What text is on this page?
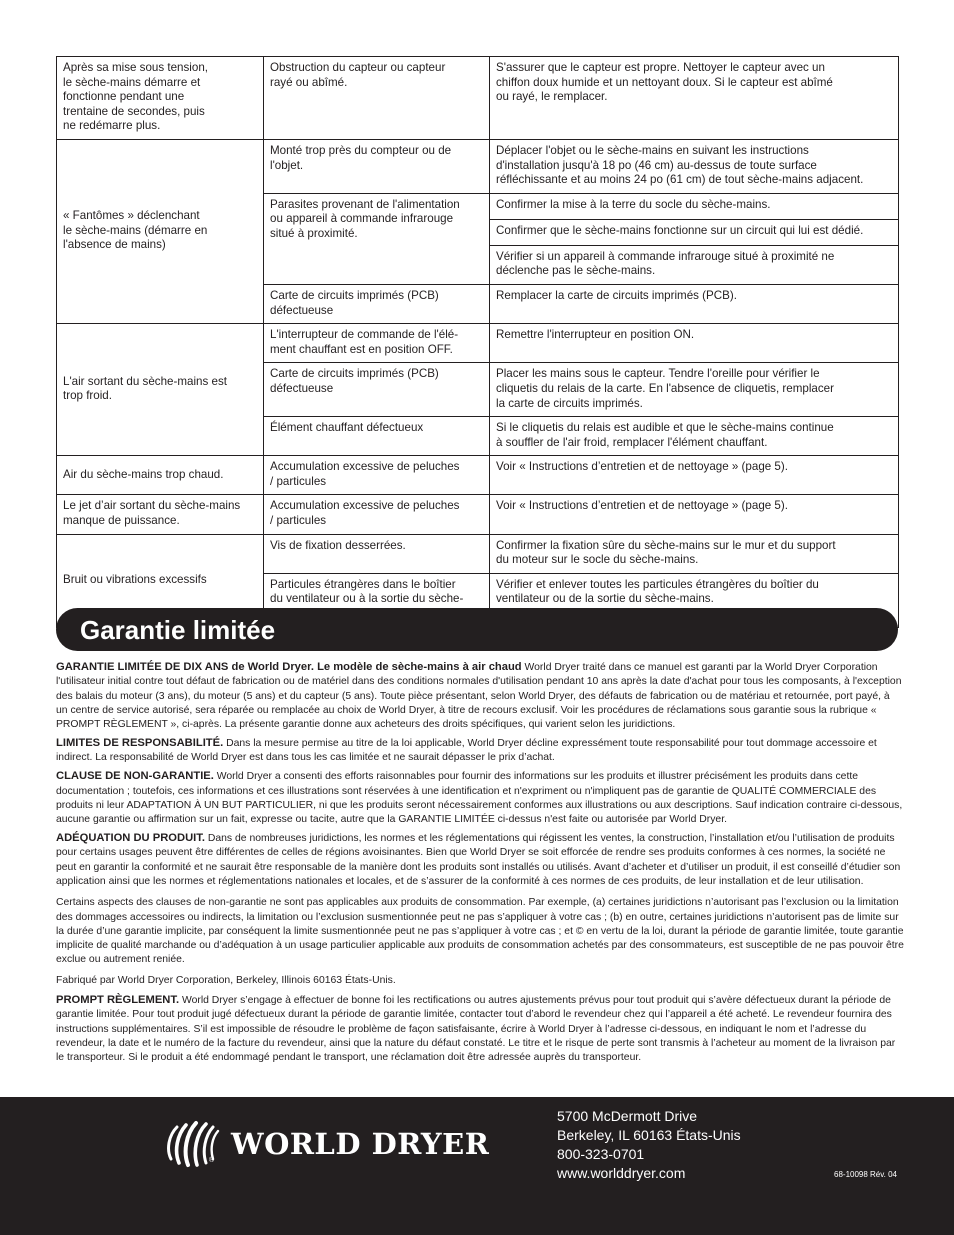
Après sa mise sous tension,
le sèche-mains démarre et
fonctionne pendant une
trentaine de secondes, puis
ne redémarre plus.	Obstruction du capteur ou capteur
rayé ou abîmé.	S'assurer que le capteur est propre. Nettoyer le capteur avec un
chiffon doux humide et un nettoyant doux. Si le capteur est abîmé
ou rayé, le remplacer.
« Fantômes » déclenchant
le sèche-mains (démarre en
l'absence de mains)	Monté trop près du compteur ou de
l'objet.	Déplacer l'objet ou le sèche-mains en suivant les instructions
d'installation jusqu'à 18 po (46 cm) au-dessus de toute surface
réfléchissante et au moins 24 po (61 cm) de tout sèche-mains adjacent.
	Parasites provenant de l'alimentation
ou appareil à commande infrarouge
situé à proximité.	Confirmer la mise à la terre du socle du sèche-mains.
		Confirmer que le sèche-mains fonctionne sur un circuit qui lui est dédié.
		Vérifier si un appareil à commande infrarouge situé à proximité ne
déclenche pas le sèche-mains.
	Carte de circuits imprimés (PCB)
défectueuse	Remplacer la carte de circuits imprimés (PCB).
L'air sortant du sèche-mains est
trop froid.	L'interrupteur de commande de l'élé-
ment chauffant est en position OFF.	Remettre l'interrupteur en position ON.
	Carte de circuits imprimés (PCB)
défectueuse	Placer les mains sous le capteur. Tendre l'oreille pour vérifier le
cliquetis du relais de la carte. En l'absence de cliquetis, remplacer
la carte de circuits imprimés.
	Élément chauffant défectueux	Si le cliquetis du relais est audible et que le sèche-mains continue
à souffler de l'air froid, remplacer l'élément chauffant.
Air du sèche-mains trop chaud.	Accumulation excessive de peluches
/ particules	Voir « Instructions d’entretien et de nettoyage » (page 5).
Le jet d’air sortant du sèche-mains
manque de puissance.	Accumulation excessive de peluches
/ particules	Voir « Instructions d’entretien et de nettoyage » (page 5).
Bruit ou vibrations excessifs	Vis de fixation desserrées.	Confirmer la fixation sûre du sèche-mains sur le mur et du support
du moteur sur le socle du sèche-mains.
	Particules étrangères dans le boîtier
du ventilateur ou à la sortie du sèche-	Vérifier et enlever toutes les particules étrangères du boîtier du
ventilateur ou de la sortie du sèche-mains.
Garantie limitée

GARANTIE LIMITÉE DE DIX ANS de World Dryer. Le modèle de sèche-mains à air chaud World Dryer traité dans ce manuel est garanti par la World Dryer Corporation l'utilisateur initial contre tout défaut de fabrication ou de matériel dans des conditions normales d'utilisation pendant 10 ans après la date d'achat pour tous les composants, à l'exception des balais du moteur (3 ans), du moteur (5 ans) et du capteur (5 ans). Toute pièce présentant, selon World Dryer, des défauts de fabrication ou de matériau et retournée, port payé, à un centre de service autorisé, sera réparée ou remplacée au choix de World Dryer, à titre de recours exclusif. Voir les procédures de réclamations sous garantie sous la rubrique « PROMPT RÈGLEMENT », ci-après. La présente garantie donne aux acheteurs des droits spécifiques, qui varient selon les juridictions.

LIMITES DE RESPONSABILITÉ. Dans la mesure permise au titre de la loi applicable, World Dryer décline expressément toute responsabilité pour tout dommage accessoire et indirect. La responsabilité de World Dryer est dans tous les cas limitée et ne saurait dépasser le prix d’achat.

CLAUSE DE NON-GARANTIE. World Dryer a consenti des efforts raisonnables pour fournir des informations sur les produits et illustrer précisément les produits dans cette documentation ; toutefois, ces informations et ces illustrations sont réservées à une identification et n'expriment ou n'impliquent pas de garantie de QUALITÉ COMMERCIALE des produits ni leur ADAPTATION À UN BUT PARTICULIER, ni que les produits seront nécessairement conformes aux illustrations ou aux descriptions. Sauf indication contraire ci-dessous, aucune garantie ou affirmation sur un fait, expresse ou tacite, autre que la GARANTIE LIMITÉE ci-dessus n'est faite ou autorisée par World Dryer.

ADÉQUATION DU PRODUIT. Dans de nombreuses juridictions, les normes et les réglementations qui régissent les ventes, la construction, l’installation et/ou l’utilisation de produits pour certains usages peuvent être différentes de celles de régions avoisinantes. Bien que World Dryer se soit efforcée de rendre ses produits conformes à ces normes, la société ne peut en garantir la conformité et ne saurait être responsable de la manière dont les produits sont installés ou utilisés. Avant d’acheter et d’utiliser un produit, il est conseillé d’étudier son application ainsi que les normes et réglementations nationales et locales, et de s’assurer de la conformité à ces normes de ces produits, de leur installation et de leur utilisation.

Certains aspects des clauses de non-garantie ne sont pas applicables aux produits de consommation. Par exemple, (a) certaines juridictions n’autorisant pas l’exclusion ou la limitation des dommages accessoires ou indirects, la limitation ou l’exclusion susmentionnée peut ne pas s’appliquer à votre cas ; (b) en outre, certaines juridictions n’autorisent pas de limite sur la durée d’une garantie implicite, par conséquent la limite susmentionnée peut ne pas s’appliquer à votre cas ; et © en vertu de la loi, durant la période de garantie limitée, toute garantie implicite de qualité marchande ou d’adéquation à un usage particulier applicable aux produits de consommation achetés par des consommateurs, est susceptible de ne pas pouvoir être exclue ou autrement reniée.

Fabriqué par World Dryer Corporation, Berkeley, Illinois 60163 États-Unis.

PROMPT RÈGLEMENT. World Dryer s’engage à effectuer de bonne foi les rectifications ou autres ajustements prévus pour tout produit qui s’avère défectueux durant la période de garantie limitée. Pour tout produit jugé défectueux durant la période de garantie limitée, contacter tout d’abord le revendeur chez qui l’appareil a été acheté. Le revendeur fournira des instructions supplémentaires. S’il est impossible de résoudre le problème de façon satisfaisante, écrire à World Dryer à l’adresse ci-dessous, en indiquant le nom et l’adresse du revendeur, la date et le numéro de la facture du revendeur, ainsi que la nature du défaut constaté. Le titre et le risque de perte sont transmis à l’acheteur au moment de la livraison par le transporteur. Si le produit a été endommagé pendant le transport, une réclamation doit être adressée auprès du transporteur.

® WORLD DRYER
5700 McDermott Drive
Berkeley, IL 60163 États-Unis
800-323-0701
www.worlddryer.com	68-10098 Rév. 04
